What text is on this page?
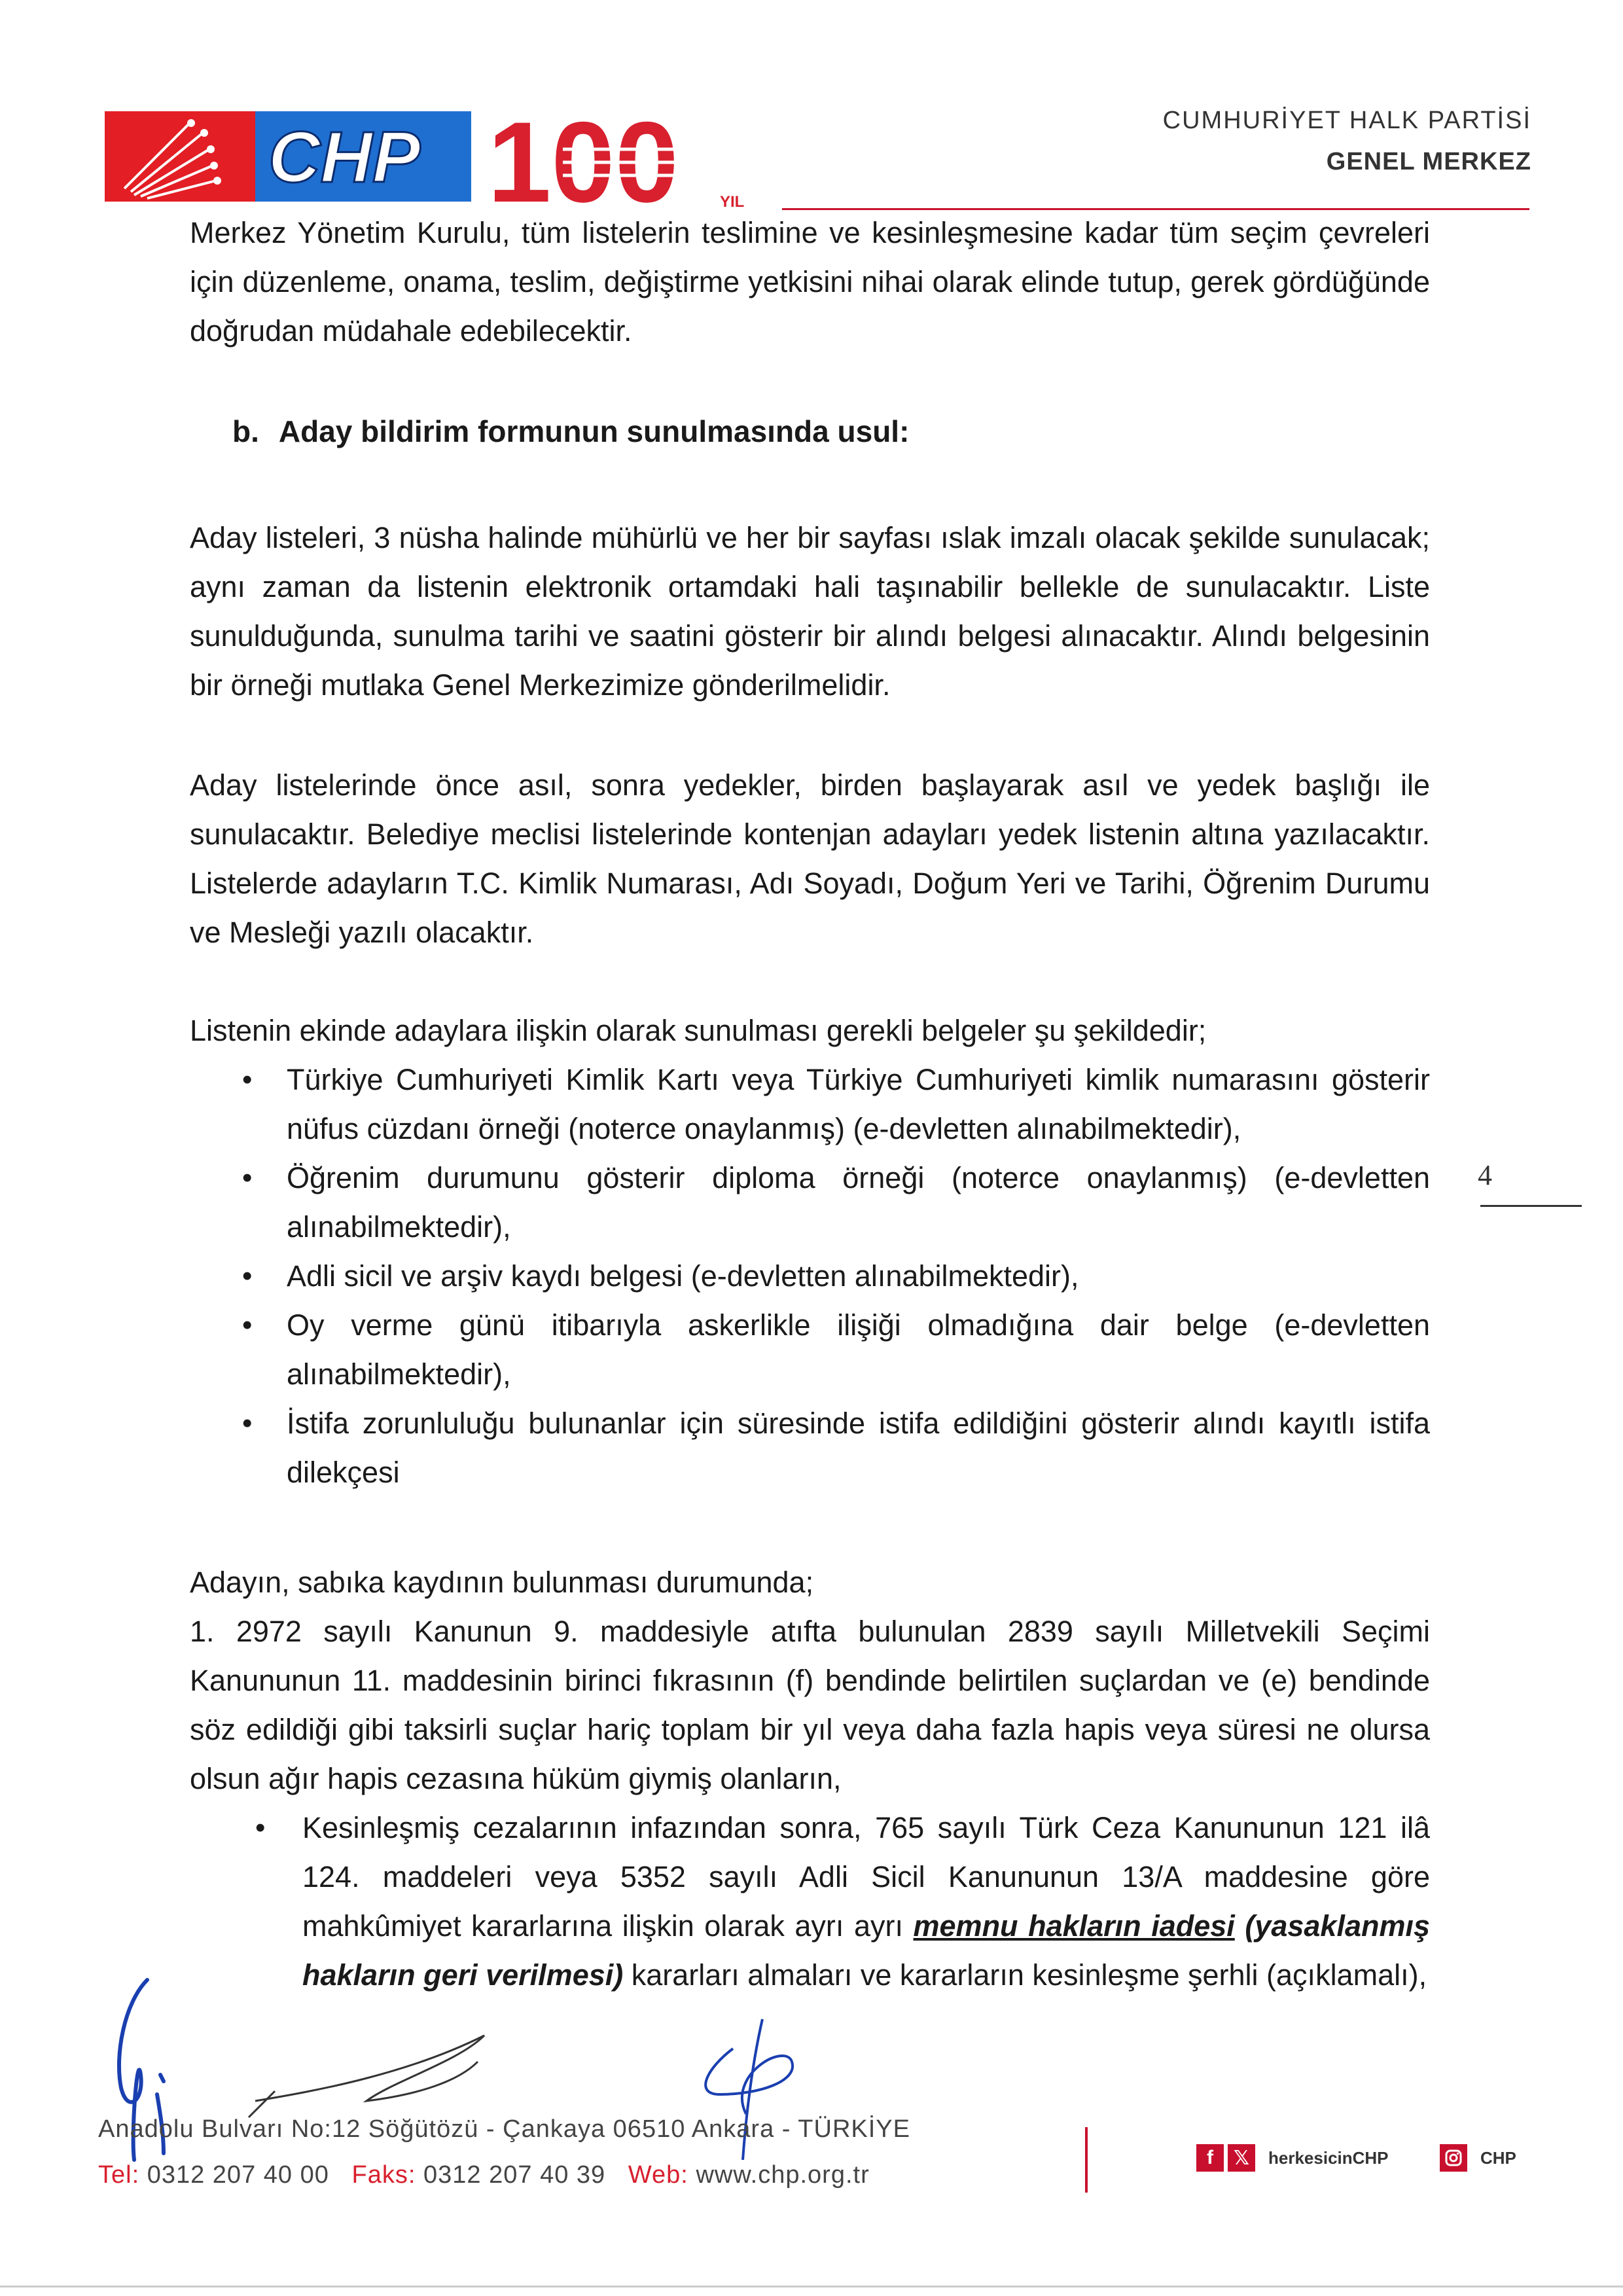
CHP 100	YIL
CUMHURİYET HALK PARTİSİ
GENEL MERKEZ

Merkez Yönetim Kurulu, tüm listelerin teslimine ve kesinleşmesine kadar tüm seçim çevreleri için düzenleme, onama, teslim, değiştirme yetkisini nihai olarak elinde tutup, gerek gördüğünde doğrudan müdahale edebilecektir.

b. Aday bildirim formunun sunulmasında usul:

Aday listeleri, 3 nüsha halinde mühürlü ve her bir sayfası ıslak imzalı olacak şekilde sunulacak; aynı zaman da listenin elektronik ortamdaki hali taşınabilir bellekle de sunulacaktır. Liste sunulduğunda, sunulma tarihi ve saatini gösterir bir alındı belgesi alınacaktır. Alındı belgesinin bir örneği mutlaka Genel Merkezimize gönderilmelidir.

Aday listelerinde önce asıl, sonra yedekler, birden başlayarak asıl ve yedek başlığı ile sunulacaktır. Belediye meclisi listelerinde kontenjan adayları yedek listenin altına yazılacaktır. Listelerde adayların T.C. Kimlik Numarası, Adı Soyadı, Doğum Yeri ve Tarihi, Öğrenim Durumu ve Mesleği yazılı olacaktır.

Listenin ekinde adaylara ilişkin olarak sunulması gerekli belgeler şu şekildedir;

• Türkiye Cumhuriyeti Kimlik Kartı veya Türkiye Cumhuriyeti kimlik numarasını gösterir nüfus cüzdanı örneği (noterce onaylanmış) (e-devletten alınabilmektedir),
• Öğrenim durumunu gösterir diploma örneği (noterce onaylanmış) (e-devletten alınabilmektedir),
• Adli sicil ve arşiv kaydı belgesi (e-devletten alınabilmektedir),
• Oy verme günü itibarıyla askerlikle ilişiği olmadığına dair belge (e-devletten alınabilmektedir),
• İstifa zorunluluğu bulunanlar için süresinde istifa edildiğini gösterir alındı kayıtlı istifa dilekçesi

Adayın, sabıka kaydının bulunması durumunda;

1. 2972 sayılı Kanunun 9. maddesiyle atıfta bulunulan 2839 sayılı Milletvekili Seçimi Kanununun 11. maddesinin birinci fıkrasının (f) bendinde belirtilen suçlardan ve (e) bendinde söz edildiği gibi taksirli suçlar hariç toplam bir yıl veya daha fazla hapis veya süresi ne olursa olsun ağır hapis cezasına hüküm giymiş olanların,

• Kesinleşmiş cezalarının infazından sonra, 765 sayılı Türk Ceza Kanununun 121 ilâ 124. maddeleri veya 5352 sayılı Adli Sicil Kanununun 13/A maddesine göre mahkûmiyet kararlarına ilişkin olarak ayrı ayrı memnu hakların iadesi (yasaklanmış hakların geri verilmesi) kararları almaları ve kararların kesinleşme şerhli (açıklamalı),
4
Anadolu Bulvarı No:12 Söğütözü - Çankaya 06510 Ankara - TÜRKİYE
Tel: 0312 207 40 00 Faks: 0312 207 40 39 Web: www.chp.org.tr
f	𝕏	herkesicinCHP	CHP
